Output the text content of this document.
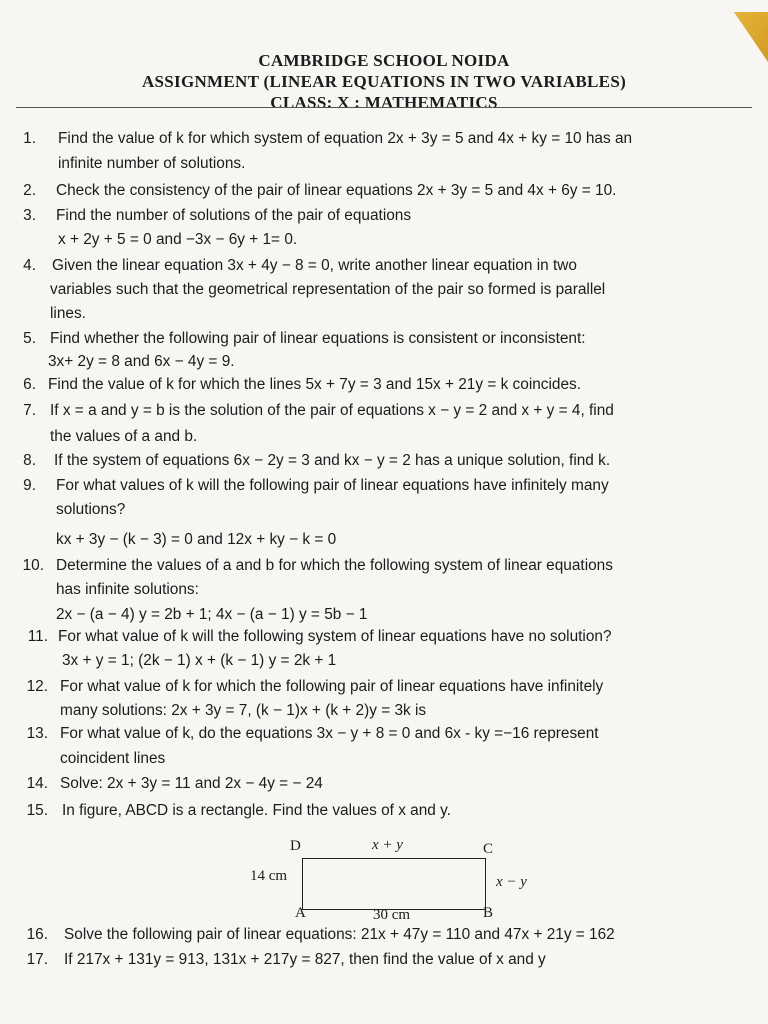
CAMBRIDGE SCHOOL NOIDA
ASSIGNMENT (LINEAR EQUATIONS IN TWO VARIABLES)
CLASS: X : MATHEMATICS
1. Find the value of k for which system of equation 2x + 3y = 5 and 4x + ky = 10 has an
infinite number of solutions.
2. Check the consistency of the pair of linear equations 2x + 3y = 5 and 4x + 6y = 10.
3. Find the number of solutions of the pair of equations
x + 2y + 5 = 0 and −3x − 6y + 1= 0.
4. Given the linear equation 3x + 4y − 8 = 0, write another linear equation in two
variables such that the geometrical representation of the pair so formed is parallel
lines.
5. Find whether the following pair of linear equations is consistent or inconsistent:
3x+ 2y = 8 and 6x − 4y = 9.
6. Find the value of k for which the lines 5x + 7y = 3 and 15x + 21y = k coincides.
7. If x = a and y = b is the solution of the pair of equations x − y = 2 and x + y = 4, find
the values of a and b.
8. If the system of equations 6x − 2y = 3 and kx − y = 2 has a unique solution, find k.
9. For what values of k will the following pair of linear equations have infinitely many
solutions?
kx + 3y − (k − 3) = 0 and 12x + ky − k = 0
10. Determine the values of a and b for which the following system of linear equations
has infinite solutions:
2x − (a − 4) y = 2b + 1; 4x − (a − 1) y = 5b − 1
11. For what value of k will the following system of linear equations have no solution?
3x + y = 1; (2k − 1) x + (k − 1) y = 2k + 1
12. For what value of k for which the following pair of linear equations have infinitely
many solutions: 2x + 3y = 7, (k − 1)x + (k + 2)y = 3k is
13. For what value of k, do the equations 3x − y + 8 = 0 and 6x - ky =−16 represent
coincident lines
14. Solve: 2x + 3y = 11 and 2x − 4y = − 24
15. In figure, ABCD is a rectangle. Find the values of x and y.
16. Solve the following pair of linear equations: 21x + 47y = 110 and 47x + 21y = 162
17. If 217x + 131y = 913, 131x + 217y = 827, then find the value of x and y
D	C
A	B
x + y
14 cm	x − y
30 cm
